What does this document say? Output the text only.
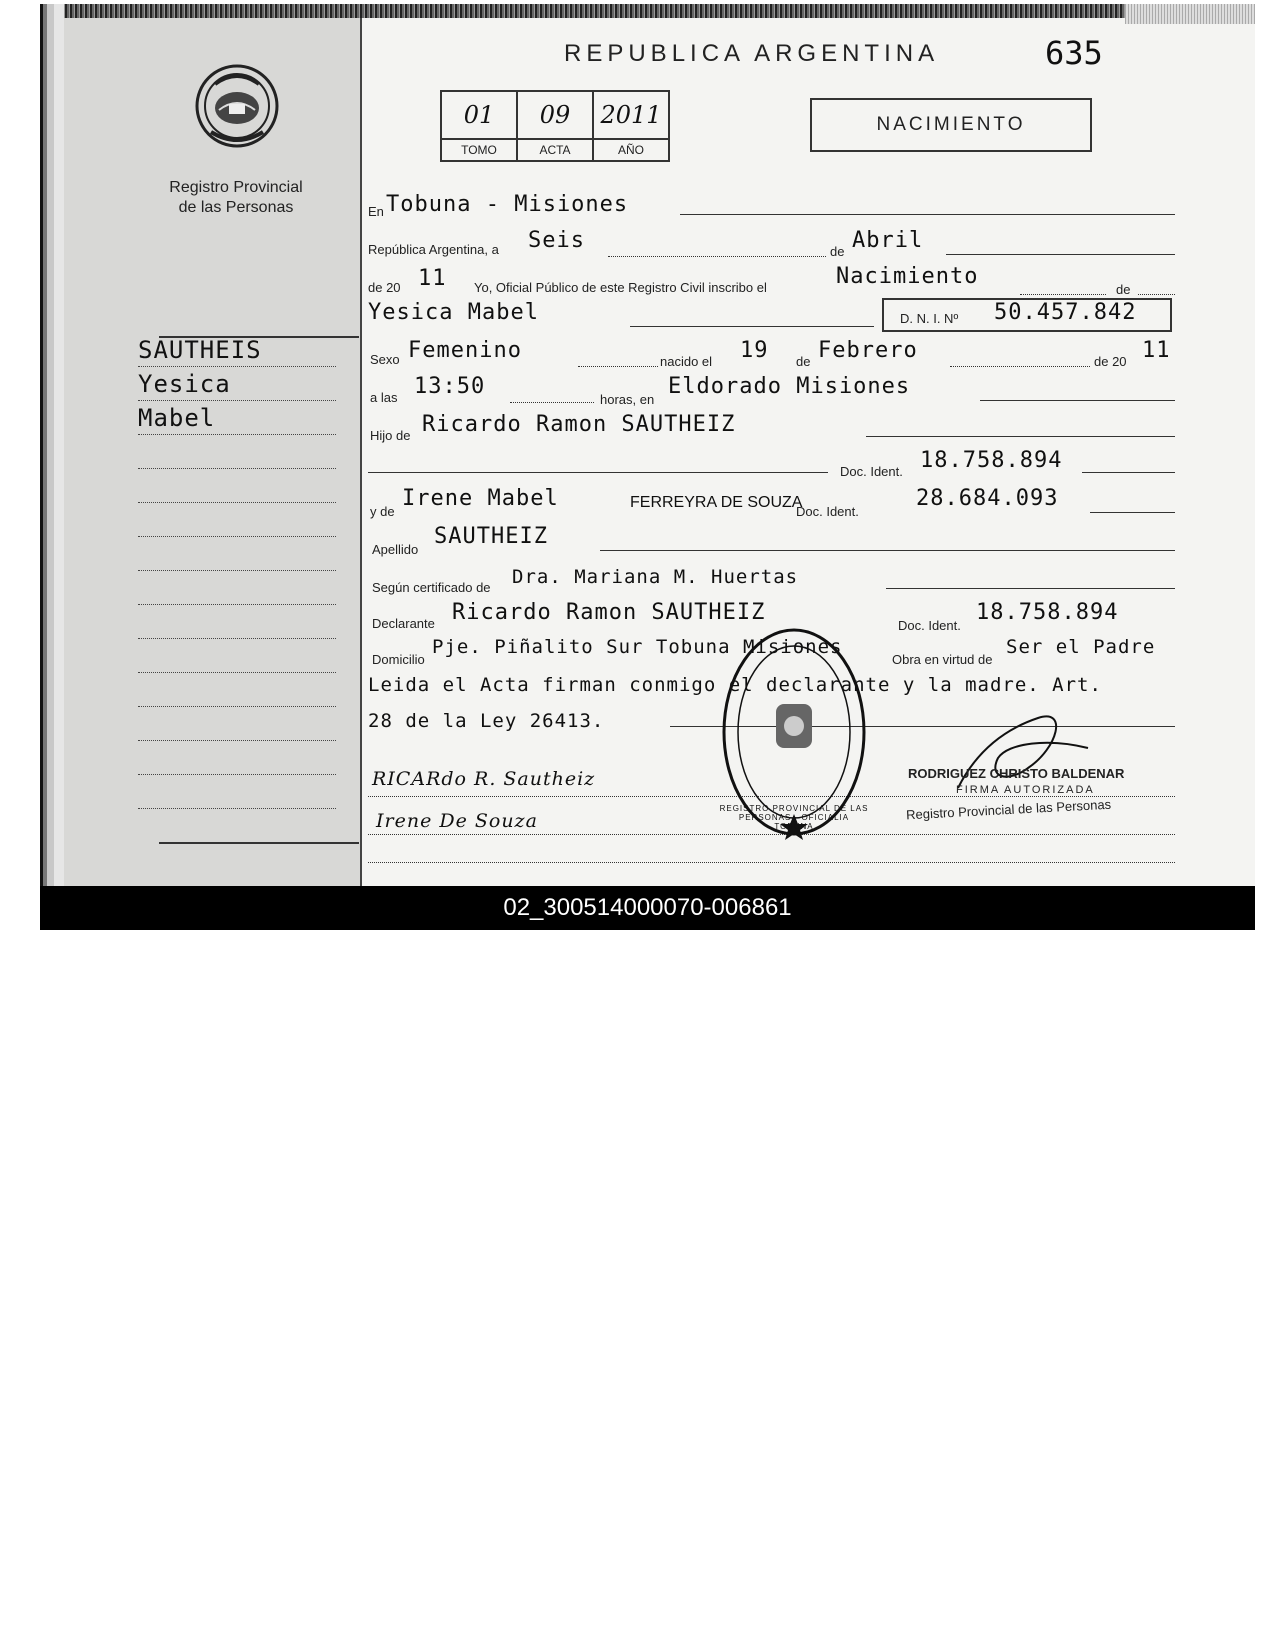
Registro Provincial
de las Personas
SAUTHEIS
Yesica
Mabel
REPUBLICA ARGENTINA	635
01	09	2011
TOMO	ACTA	AÑO
NACIMIENTO
En Tobuna - Misiones
República Argentina, a Seis	de Abril
de 20 11 Yo, Oficial Público de este Registro Civil inscribo el	Nacimiento
de
Yesica Mabel	D. N. I. Nº 50.457.842
Sexo Femenino	nacido el 19 de Febrero	de 20 11
a las 13:50
horas, en
Eldorado Misiones
Hijo de Ricardo Ramon SAUTHEIZ
Doc. Ident. 18.758.894
y de
Irene Mabel	FERREYRA DE SOUZA
Doc. Ident.
28.684.093
Apellido
SAUTHEIZ
Según certificado de Dra. Mariana M. Huertas
Declarante Ricardo Ramon SAUTHEIZ
Doc. Ident.
18.758.894
Domicilio
Pje. Piñalito Sur Tobuna Misiones
Obra en virtud de
Ser el Padre
Leida el Acta firman conmigo el declarante y la madre. Art.
28 de la Ley 26413.
RICARdo R. Sautheiz
Irene De Souza
RODRIGUEZ CHRISTO BALDENAR
FIRMA AUTORIZADA
Registro Provincial de las Personas
REGISTRO PROVINCIAL DE LAS PERSONAS · OFICIALIA TOBUNA
02_300514000070-006861
